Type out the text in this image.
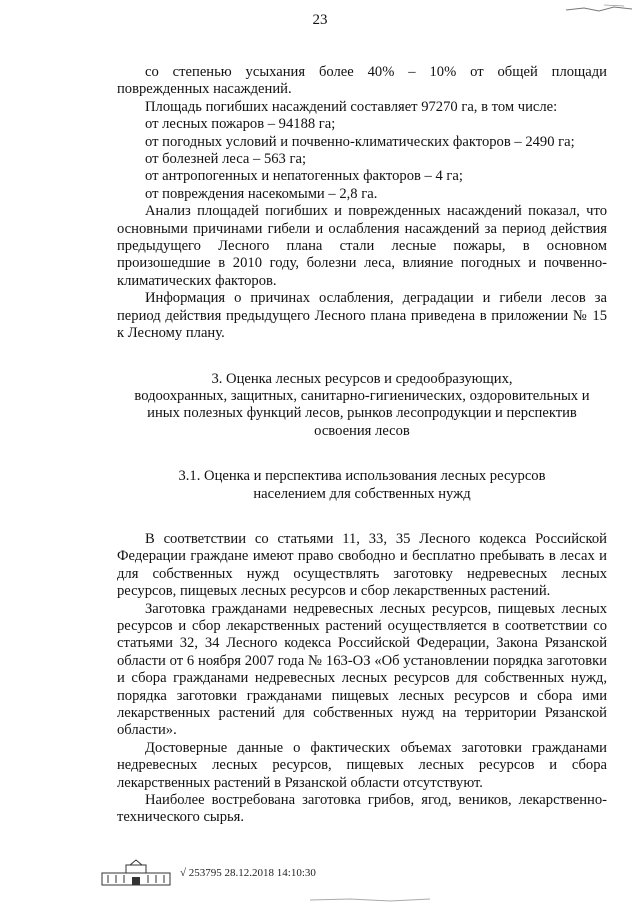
23

со степенью усыхания более 40% – 10% от общей площади поврежденных насаждений.

Площадь погибших насаждений составляет 97270 га, в том числе:

от лесных пожаров – 94188 га;

от погодных условий и почвенно-климатических факторов – 2490 га;

от болезней леса – 563 га;

от антропогенных и непатогенных факторов – 4 га;

от повреждения насекомыми – 2,8 га.

Анализ площадей погибших и поврежденных насаждений показал, что основными причинами гибели и ослабления насаждений за период действия предыдущего Лесного плана стали лесные пожары, в основном произошедшие в 2010 году, болезни леса, влияние погодных и почвенно-климатических факторов.

Информация о причинах ослабления, деградации и гибели лесов за период действия предыдущего Лесного плана приведена в приложении № 15 к Лесному плану.

3. Оценка лесных ресурсов и средообразующих,

водоохранных, защитных, санитарно-гигиенических, оздоровительных и

иных полезных функций лесов, рынков лесопродукции и перспектив

освоения лесов

3.1. Оценка и перспектива использования лесных ресурсов

населением для собственных нужд

В соответствии со статьями 11, 33, 35 Лесного кодекса Российской Федерации граждане имеют право свободно и бесплатно пребывать в лесах и для собственных нужд осуществлять заготовку недревесных лесных ресурсов, пищевых лесных ресурсов и сбор лекарственных растений.

Заготовка гражданами недревесных лесных ресурсов, пищевых лесных ресурсов и сбор лекарственных растений осуществляется в соответствии со статьями 32, 34 Лесного кодекса Российской Федерации, Закона Рязанской области от 6 ноября 2007 года № 163-ОЗ «Об установлении порядка заготовки и сбора гражданами недревесных лесных ресурсов для собственных нужд, порядка заготовки гражданами пищевых лесных ресурсов и сбора ими лекарственных растений для собственных нужд на территории Рязанской области».

Достоверные данные о фактических объемах заготовки гражданами недревесных лесных ресурсов, пищевых лесных ресурсов и сбора лекарственных растений в Рязанской области отсутствуют.

Наиболее востребована заготовка грибов, ягод, веников, лекарственно-технического сырья.

√ 253795 28.12.2018 14:10:30
